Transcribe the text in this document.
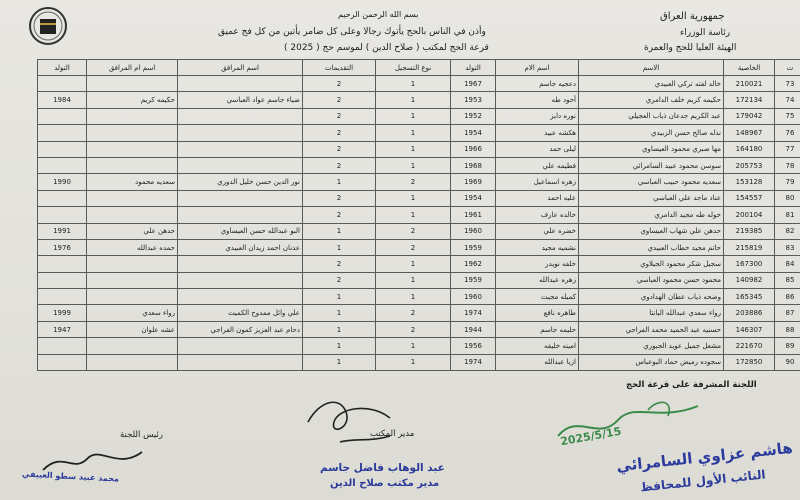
جمهورية العراق
رئاسة الوزراء
الهيئة العليا للحج والعمرة
بسم الله الرحمن الرحيم
وأذن في الناس بالحج يأتوك رجالا وعلى كل ضامر يأتين من كل فج عميق
قرعة الحج لمكتب ( صلاح الدين ) لموسم حج ( 2025 )
ت	الخاصية	الاسم	اسم الام	التولد	نوع التسجيل	التقديمات	اسم المرافق	اسم ام المرافق	التولد
73	210021	خالد لفته تركي العبيدي	دعجيه جاسم	1967	1	2			
74	172134	حكيمه كريم خلف الدامري	أحود طه	1953	1	2	ضياء جاسم عواد العباسي	حكيمه كريم	1984
75	179042	عبد الكريم جدعان ذياب العجيلي	نوره دايز	1952	1	2			
76	148967	نذله صالح حسن الزبيدي	هكشه عبيد	1954	1	2			
77	164180	مها صبري محمود العيساوي	ليلى حمد	1966	1	2			
78	205753	سوسن محمود عبيد السامرائي	فطيمه علي	1968	1	2			
79	153128	سعديه محمود حبيب العباسي	زهره اسماعيل	1969	2	1	نور الدين حسن خليل الدوري	سعديه محمود	1990
80	154557	عناد ماجد علي العباسي	عليه احمد	1954	1	2			
81	200104	خوله طه مجيد الدامري	خالده عارف	1961	1	2			
82	219385	حدهن علي شهاب العيساوي	خضره علي	1960	2	1	البو عبدالله حسن العيساوي	حدهن علي	1991
83	215819	حاتم مجيد خطاب العبيدي	نشميه مجيد	1959	2	1	عدنان احمد زيدان العبيدي	حمده عبدالله	1976
84	167300	سجيل شكر محمود الجيلاوي	خلفه نويدر	1962	1	2			
85	140982	محمود حسن محمود العباسي	زهره عبدالله	1959	1	2			
86	165345	وضحه ذياب عطان الهدادوي	كميله مجيت	1960	1	1			
87	203886	رواء سعدي عبدالله البانتا	طاهره نافع	1974	2	1	علي وائل ممدوح الكميت	رواء سعدي	1999
88	146307	حسنيه عبد الحميد محمد الفراجي	حليمه جاسم	1944	2	1	دحام عبد العزيز كمون الفراجي	عشه علوان	1947
89	221670	مشعل جميل عويد الجبوري	امينه خليفه	1956	1	1			
90	172850	سجوده رميض حماد البوعباس	ازيا عبدالله	1974	1	1			
اللجنة المشرفة على قرعة الحج
مدير المكتب
رئيس اللجنة
عبد الوهاب فاضل جاسم
مدير مكتب صلاح الدين
محمد عبيد سطو العبيفي
2025/5/15
هاشم عزاوي السامرائي
النائب الأول للمحافظ
